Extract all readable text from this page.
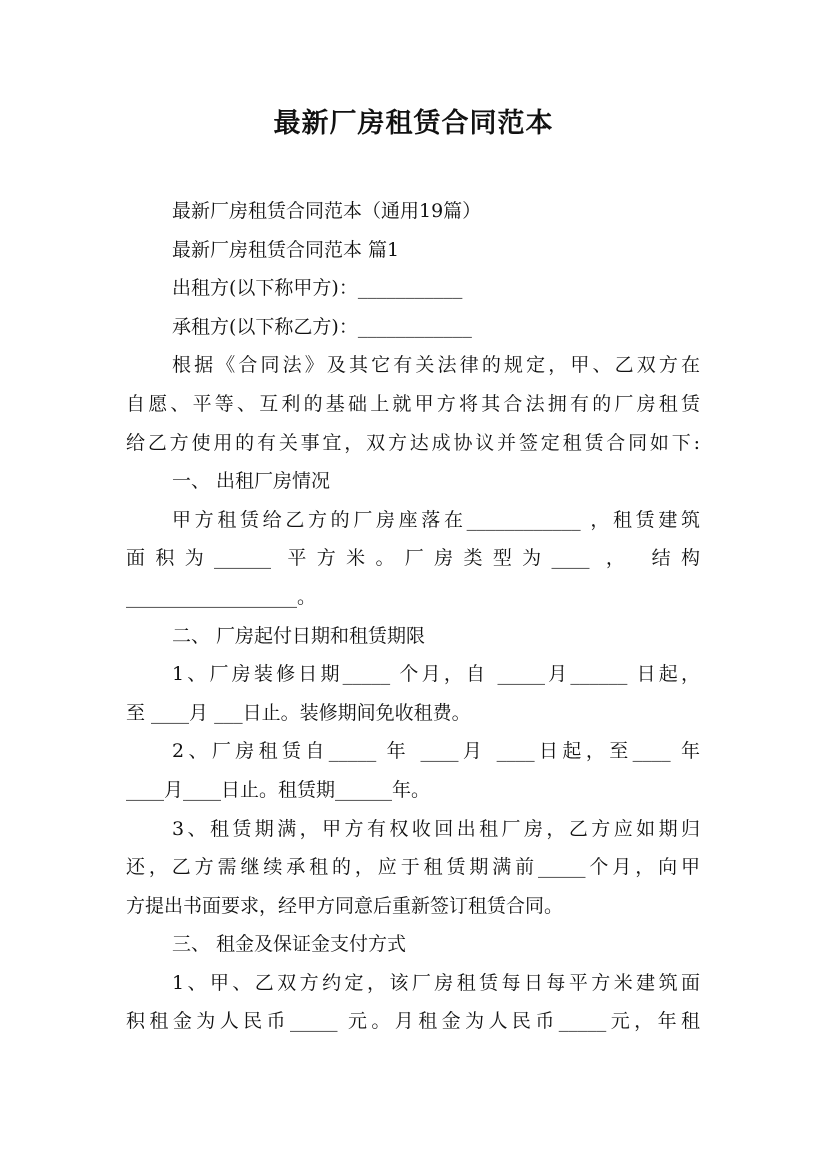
最新厂房租赁合同范本
最新厂房租赁合同范本（通用19篇）
最新厂房租赁合同范本 篇1
出租方(以下称甲方)：___________
承租方(以下称乙方)：____________
根据《合同法》及其它有关法律的规定，甲、乙双方在
自愿、平等、互利的基础上就甲方将其合法拥有的厂房租赁
给乙方使用的有关事宜，双方达成协议并签定租赁合同如下:
一、 出租厂房情况
甲方租赁给乙方的厂房座落在____________ ，租赁建筑
面积为______ 平方米。厂房类型为____ ， 结构
__________________。
二、 厂房起付日期和租赁期限
1、厂房装修日期_____ 个月，自 _____月______ 日起，
至 ____月 ___日止。装修期间免收租费。
2、厂房租赁自_____ 年 ____月 ____日起，至____ 年
____月____日止。租赁期______年。
3、租赁期满，甲方有权收回出租厂房，乙方应如期归
还，乙方需继续承租的，应于租赁期满前_____个月，向甲
方提出书面要求，经甲方同意后重新签订租赁合同。
三、 租金及保证金支付方式
1、甲、乙双方约定，该厂房租赁每日每平方米建筑面
积租金为人民币_____ 元。月租金为人民币_____元，年租
